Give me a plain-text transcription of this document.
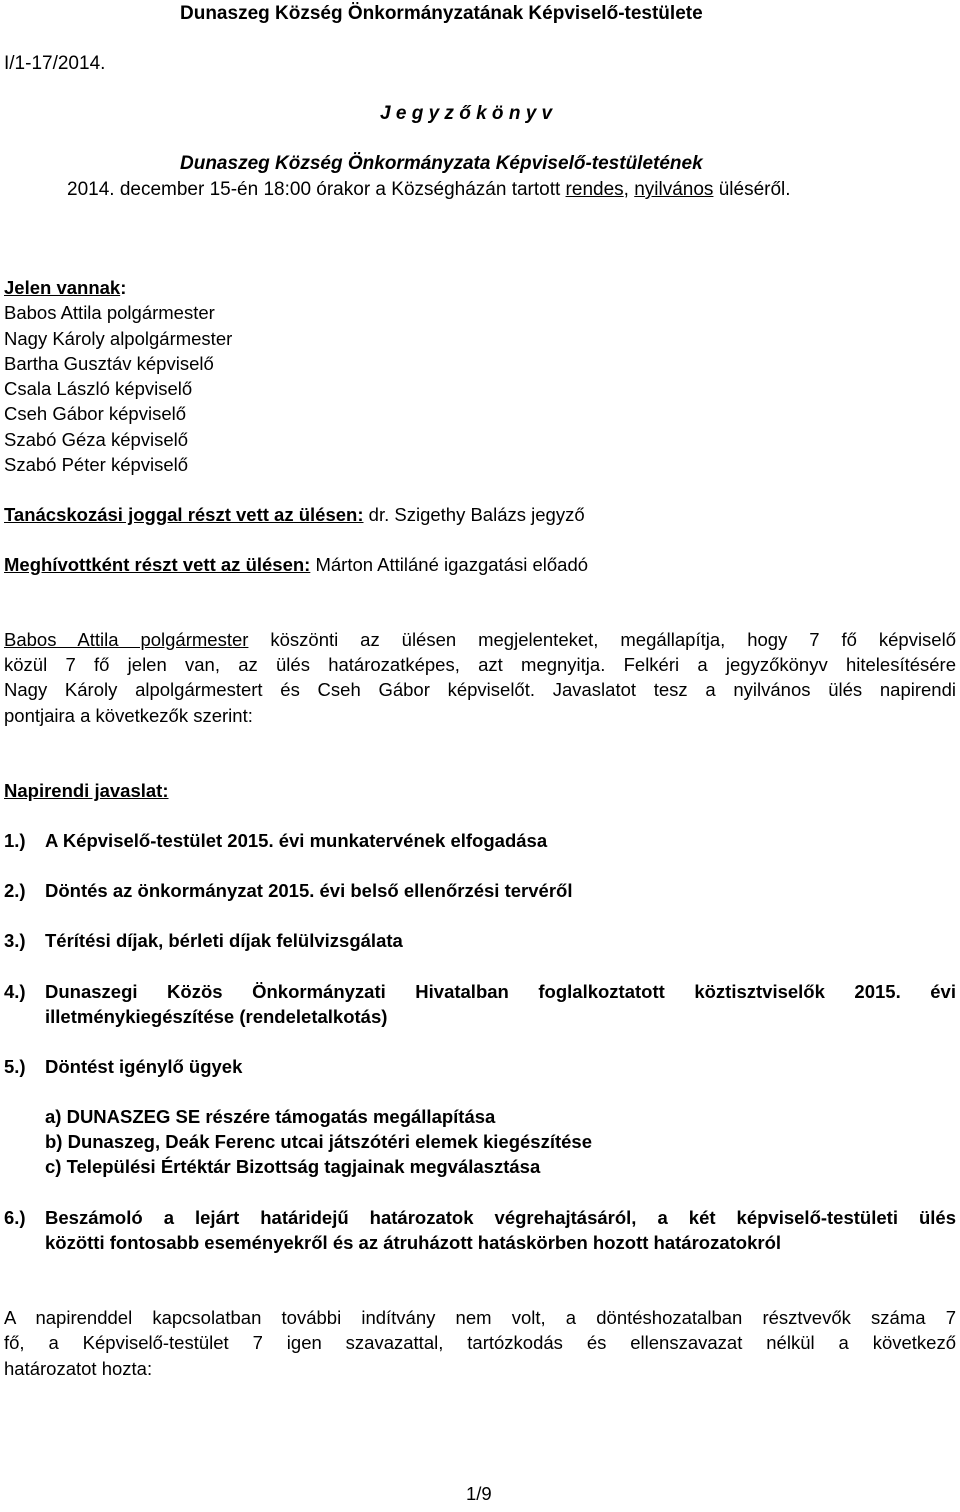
Dunaszeg Község Önkormányzatának Képviselő-testülete
I/1-17/2014.
J e g y z ő k ö n y v
Dunaszeg Község Önkormányzata Képviselő-testületének
2014. december 15-én 18:00 órakor a Községházán tartott rendes, nyilvános üléséről.
Jelen vannak:
Babos Attila polgármester
Nagy Károly alpolgármester
Bartha Gusztáv képviselő
Csala László képviselő
Cseh Gábor képviselő
Szabó Géza képviselő
Szabó Péter képviselő
Tanácskozási joggal részt vett az ülésen: dr. Szigethy Balázs jegyző
Meghívottként részt vett az ülésen: Márton Attiláné igazgatási előadó
Babos Attila polgármester köszönti az ülésen megjelenteket, megállapítja, hogy 7 fő képviselő
közül 7 fő jelen van, az ülés határozatképes, azt megnyitja. Felkéri a jegyzőkönyv hitelesítésére
Nagy Károly alpolgármestert és Cseh Gábor képviselőt. Javaslatot tesz a nyilvános ülés napirendi
pontjaira a következők szerint:
Napirendi javaslat:
1.) A Képviselő-testület 2015. évi munkatervének elfogadása
2.) Döntés az önkormányzat 2015. évi belső ellenőrzési tervéről
3.) Térítési díjak, bérleti díjak felülvizsgálata
4.) Dunaszegi Közös Önkormányzati Hivatalban foglalkoztatott köztisztviselők 2015. évi
illetménykiegészítése (rendeletalkotás)
5.) Döntést igénylő ügyek
a) DUNASZEG SE részére támogatás megállapítása
b) Dunaszeg, Deák Ferenc utcai játszótéri elemek kiegészítése
c) Települési Értéktár Bizottság tagjainak megválasztása
6.) Beszámoló a lejárt határidejű határozatok végrehajtásáról, a két képviselő-testületi ülés
közötti fontosabb eseményekről és az átruházott hatáskörben hozott határozatokról
A napirenddel kapcsolatban további indítvány nem volt, a döntéshozatalban résztvevők száma 7
fő, a Képviselő-testület 7 igen szavazattal, tartózkodás és ellenszavazat nélkül a következő
határozatot hozta:
1/9
